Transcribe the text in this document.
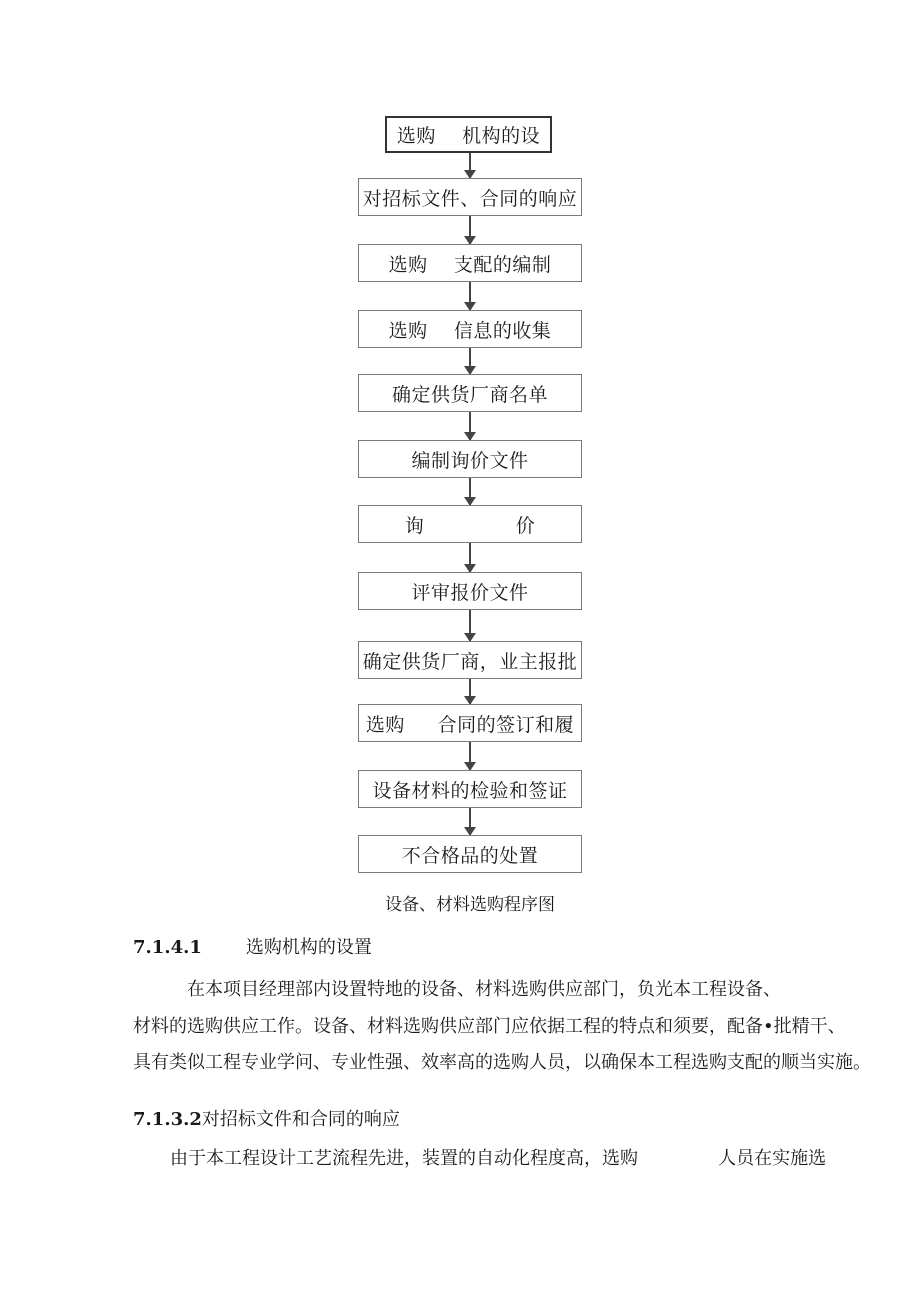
选购    机构的设
对招标文件、合同的响应
选购    支配的编制
选购    信息的收集
确定供货厂商名单
编制询价文件
询              价
评审报价文件
确定供货厂商，业主报批
选购     合同的签订和履
设备材料的检验和签证
不合格品的处置
设备、材料选购程序图
7.1.4.1 选购机构的设置
在本项目经理部内设置特地的设备、材料选购供应部门，负光本工程设备、
材料的选购供应工作。设备、材料选购供应部门应依据工程的特点和须要，配备•批精干、
具有类似工程专业学问、专业性强、效率高的选购人员，以确保本工程选购支配的顺当实施。
7.1.3.2对招标文件和合同的响应
由于本工程设计工艺流程先进，装置的自动化程度高，选购              人员在实施选
